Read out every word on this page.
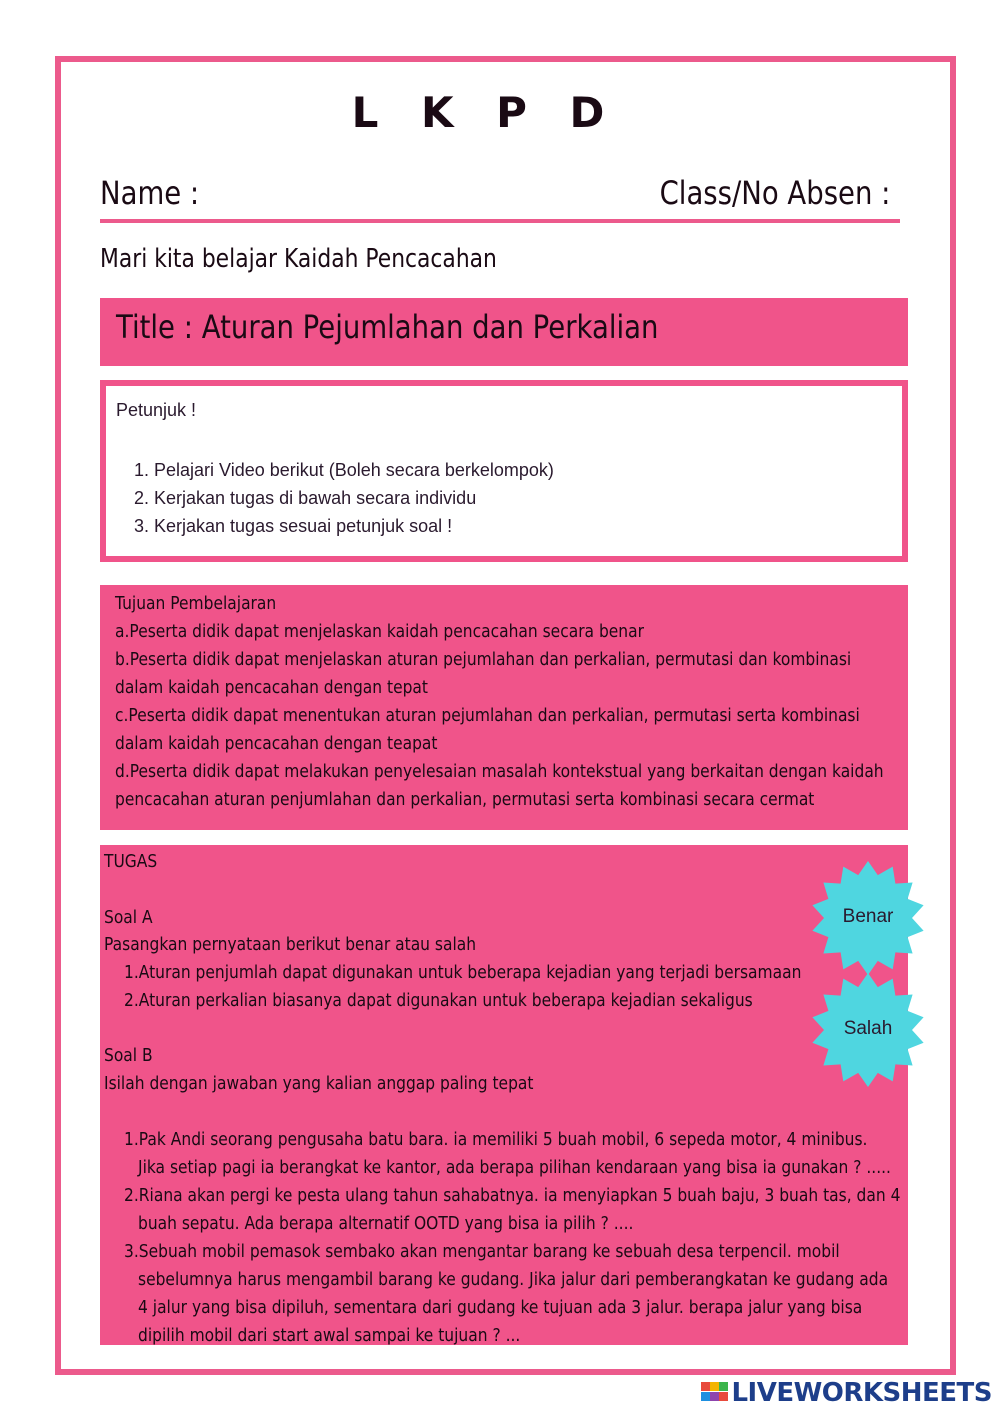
L K P D
Name :	Class/No Absen :
Mari kita belajar Kaidah Pencacahan
Title : Aturan Pejumlahan dan Perkalian
Petunjuk !
1. Pelajari Video berikut (Boleh secara berkelompok)
2. Kerjakan tugas di bawah secara individu
3. Kerjakan tugas sesuai petunjuk soal !
Tujuan Pembelajaran
a.Peserta didik dapat menjelaskan kaidah pencacahan secara benar
b.Peserta didik dapat menjelaskan aturan pejumlahan dan perkalian, permutasi dan kombinasi
dalam kaidah pencacahan dengan tepat
c.Peserta didik dapat menentukan aturan pejumlahan dan perkalian, permutasi serta kombinasi
dalam kaidah pencacahan dengan teapat
d.Peserta didik dapat melakukan penyelesaian masalah kontekstual yang berkaitan dengan kaidah
pencacahan aturan penjumlahan dan perkalian, permutasi serta kombinasi secara cermat
TUGAS
Soal A
Pasangkan pernyataan berikut benar atau salah
1.Aturan penjumlah dapat digunakan untuk beberapa kejadian yang terjadi bersamaan
2.Aturan perkalian biasanya dapat digunakan untuk beberapa kejadian sekaligus
Soal B
Isilah dengan jawaban yang kalian anggap paling tepat
1.Pak Andi seorang pengusaha batu bara. ia memiliki 5 buah mobil, 6 sepeda motor, 4 minibus.
Jika setiap pagi ia berangkat ke kantor, ada berapa pilihan kendaraan yang bisa ia gunakan ? .....
2.Riana akan pergi ke pesta ulang tahun sahabatnya. ia menyiapkan 5 buah baju, 3 buah tas, dan 4
buah sepatu. Ada berapa alternatif OOTD yang bisa ia pilih ? ....
3.Sebuah mobil pemasok sembako akan mengantar barang ke sebuah desa terpencil. mobil
sebelumnya harus mengambil barang ke gudang. Jika jalur dari pemberangkatan ke gudang ada
4 jalur yang bisa dipiluh, sementara dari gudang ke tujuan ada 3 jalur. berapa jalur yang bisa
dipilih mobil dari start awal sampai ke tujuan ? ...
Benar
Salah
LIVEWORKSHEETS
